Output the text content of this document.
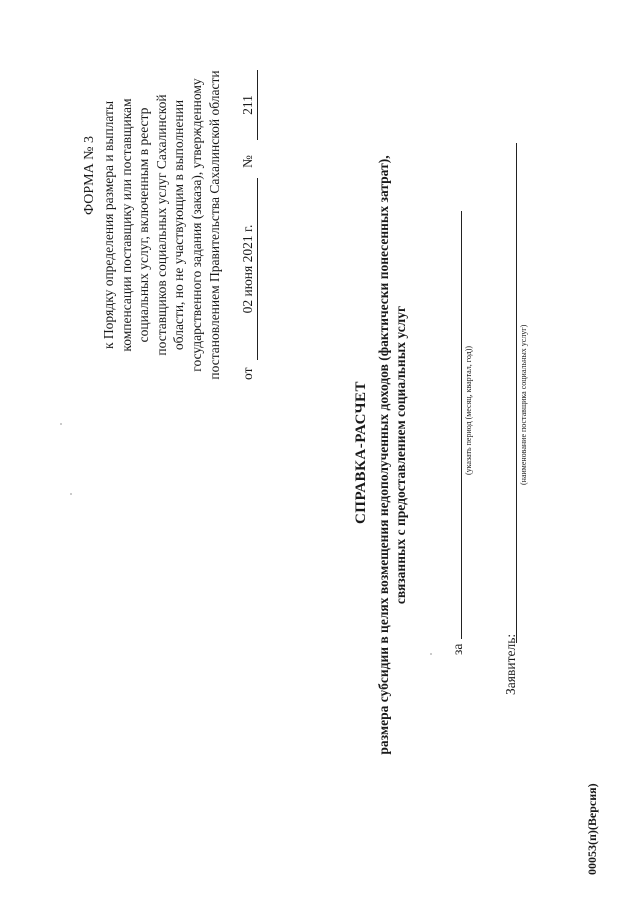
ФОРМА № 3 к Порядку определения размера и выплаты компенсации поставщику или поставщикам социальных услуг, включенным в реестр поставщиков социальных услуг Сахалинской области, но не участвующим в выполнении государственного задания (заказа), утвержденному постановлением Правительства Сахалинской области от
02 июня 2021 г.
№
211
СПРАВКА-РАСЧЕТ размера субсидии в целях возмещения недополученных доходов (фактически понесенных затрат), связанных с предоставлением социальных услуг
за
(указать период (месяц, квартал, год))
Заявитель:
(наименование поставщика социальных услуг)
00053(п)(Версия)
